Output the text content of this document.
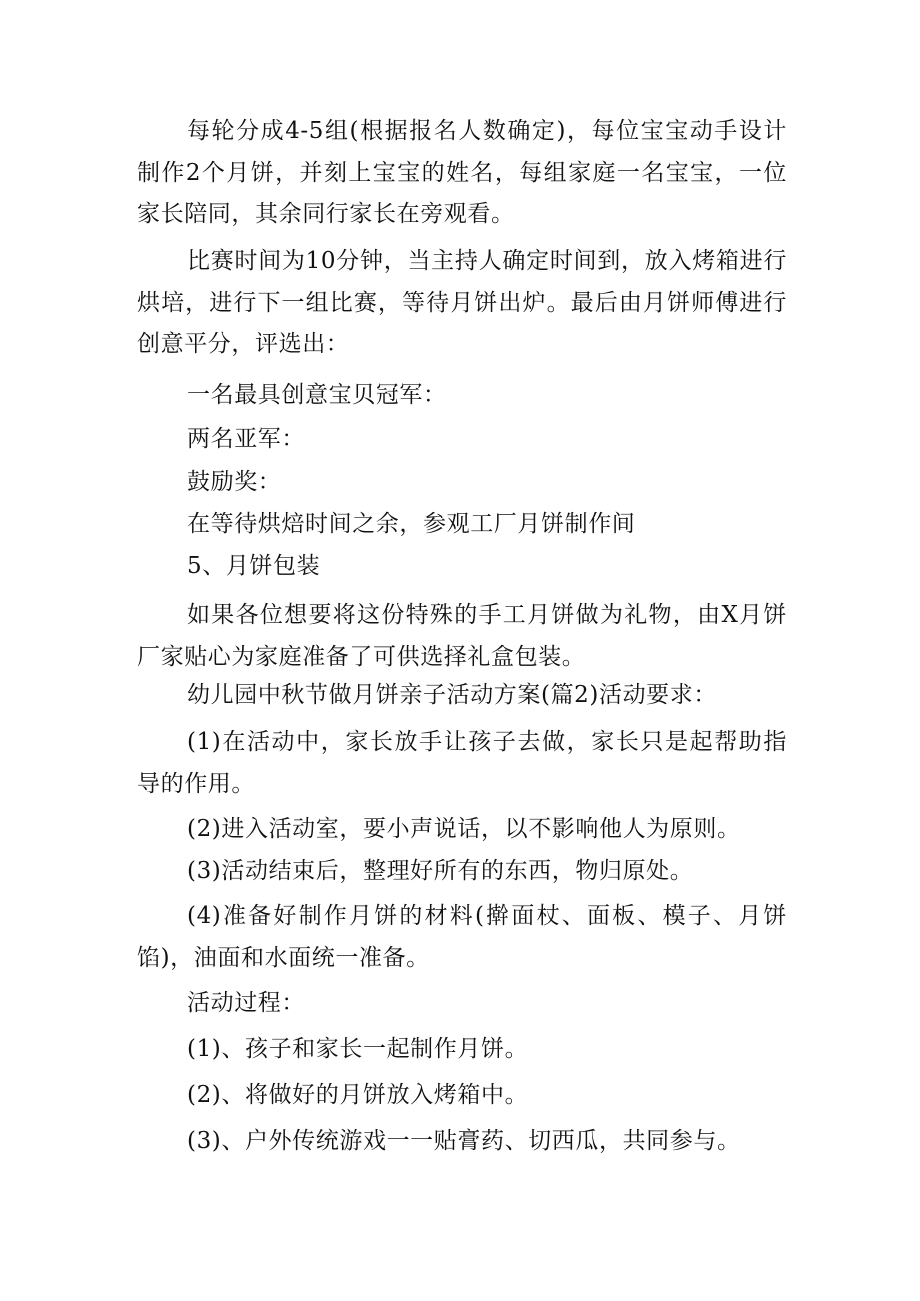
每轮分成4-5组(根据报名人数确定)，每位宝宝动手设计制作2个月饼，并刻上宝宝的姓名，每组家庭一名宝宝，一位家长陪同，其余同行家长在旁观看。

比赛时间为10分钟，当主持人确定时间到，放入烤箱进行烘培，进行下一组比赛，等待月饼出炉。最后由月饼师傅进行创意平分，评选出：

一名最具创意宝贝冠军：

两名亚军：

鼓励奖：

在等待烘焙时间之余，参观工厂月饼制作间

5、月饼包装

如果各位想要将这份特殊的手工月饼做为礼物，由X月饼厂家贴心为家庭准备了可供选择礼盒包装。

幼儿园中秋节做月饼亲子活动方案(篇2)活动要求：

(1)在活动中，家长放手让孩子去做，家长只是起帮助指导的作用。

(2)进入活动室，要小声说话，以不影响他人为原则。

(3)活动结束后，整理好所有的东西，物归原处。

(4)准备好制作月饼的材料(擀面杖、面板、模子、月饼馅)，油面和水面统一准备。

活动过程：

(1)、孩子和家长一起制作月饼。

(2)、将做好的月饼放入烤箱中。

(3)、户外传统游戏一一贴膏药、切西瓜，共同参与。
